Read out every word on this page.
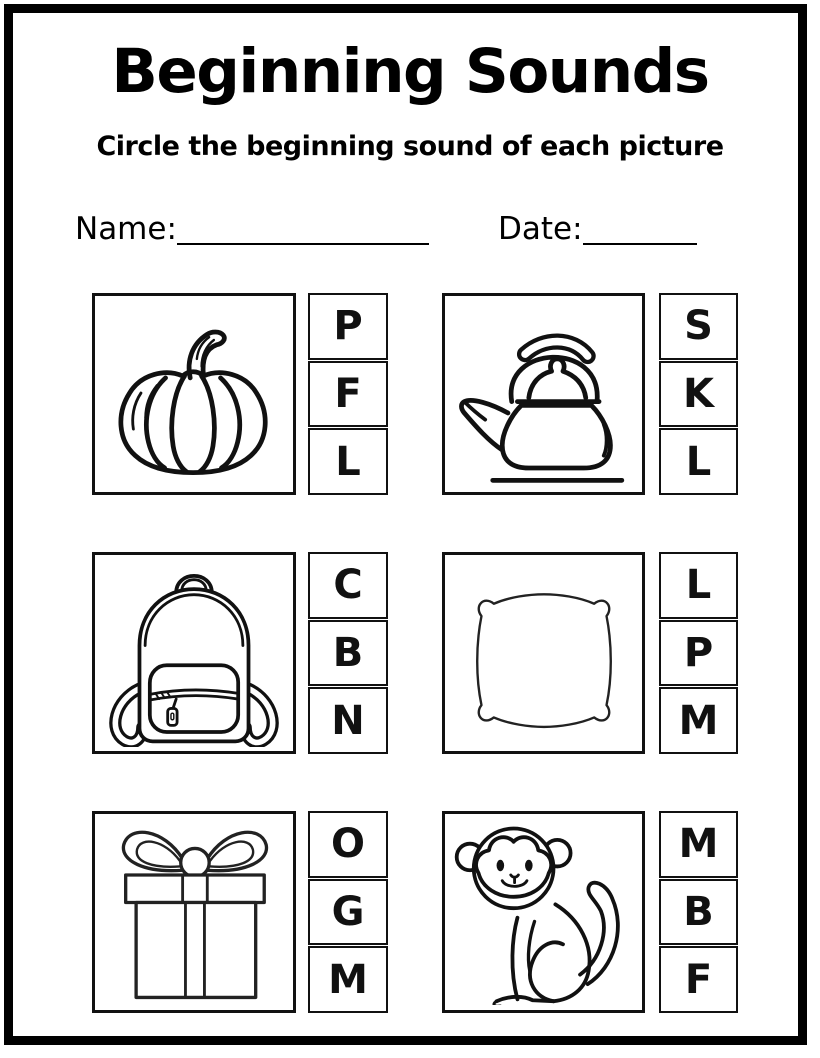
Beginning Sounds
Circle the beginning sound of each picture
Name:	Date:
P
F
L
S
K
L
C
B
N
L
P
M
O
G
M
M
B
F
